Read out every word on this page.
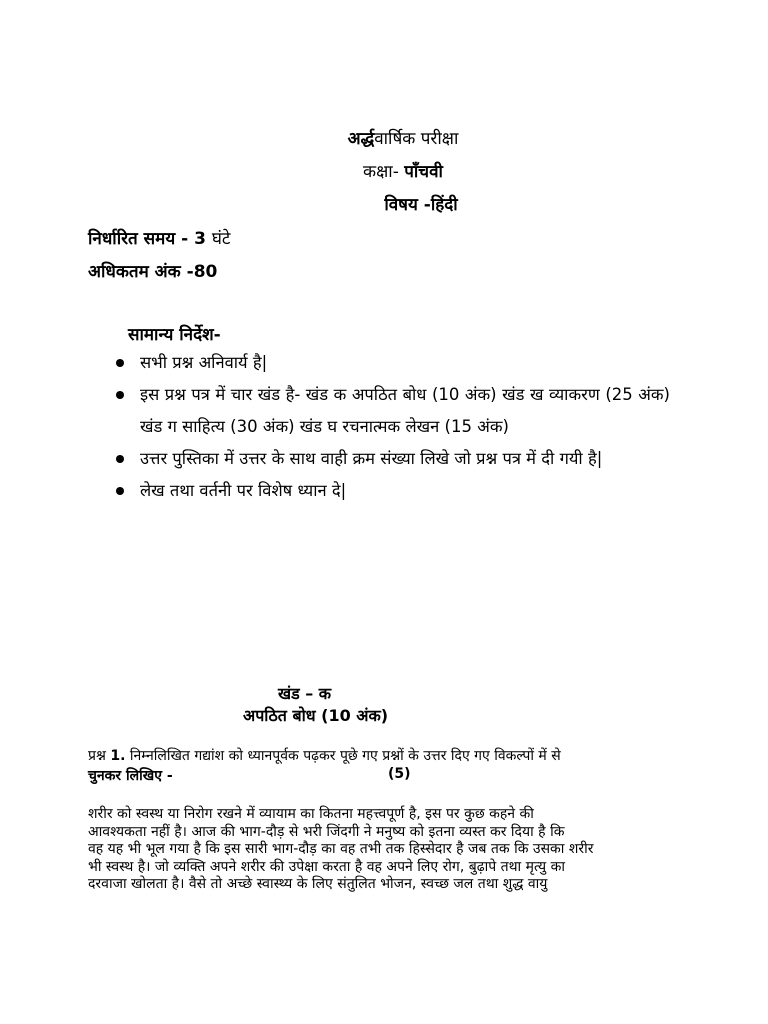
अर्द्धवार्षिक परीक्षा
कक्षा- पाँचवी
विषय -हिंदी
निर्धारित समय - 3 घंटे
अधिकतम अंक -80
सामान्य निर्देश-
सभी प्रश्न अनिवार्य है|
इस प्रश्न पत्र में चार खंड है- खंड क अपठित बोध (10 अंक) खंड ख व्याकरण (25 अंक) खंड ग साहित्य (30 अंक) खंड घ रचनात्मक लेखन (15 अंक)
उत्तर पुस्तिका में उत्तर के साथ वाही क्रम संख्या लिखे जो प्रश्न पत्र में दी गयी है|
लेख तथा वर्तनी पर विशेष ध्यान दे|
खंड – क
अपठित बोध (10 अंक)
प्रश्न 1. निम्नलिखित गद्यांश को ध्यानपूर्वक पढ़कर पूछे गए प्रश्नों के उत्तर दिए गए विकल्पों में से
चुनकर लिखिए -	(5)
शरीर को स्वस्थ या निरोग रखने में व्यायाम का कितना महत्त्वपूर्ण है, इस पर कुछ कहने की
आवश्यकता नहीं है। आज की भाग-दौड़ से भरी जिंदगी ने मनुष्य को इतना व्यस्त कर दिया है कि
वह यह भी भूल गया है कि इस सारी भाग-दौड़ का वह तभी तक हिस्सेदार है जब तक कि उसका शरीर
भी स्वस्थ है। जो व्यक्ति अपने शरीर की उपेक्षा करता है वह अपने लिए रोग, बुढ़ापे तथा मृत्यु का
दरवाजा खोलता है। वैसे तो अच्छे स्वास्थ्य के लिए संतुलित भोजन, स्वच्छ जल तथा शुद्ध वायु
